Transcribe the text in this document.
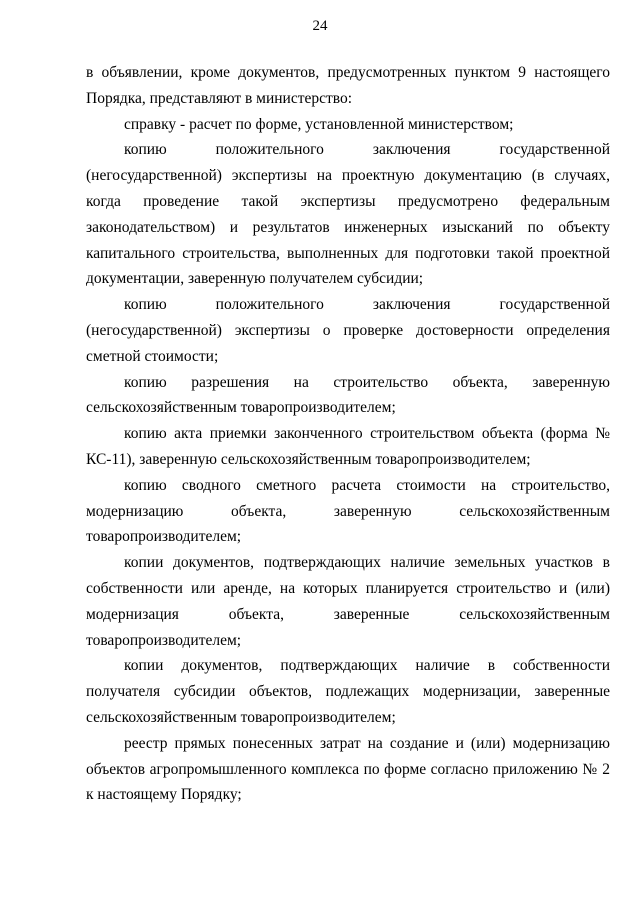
24

в объявлении, кроме документов, предусмотренных пунктом 9 настоящего Порядка, представляют в министерство:

справку - расчет по форме, установленной министерством;

копию положительного заключения государственной (негосударственной) экспертизы на проектную документацию (в случаях, когда проведение такой экспертизы предусмотрено федеральным законодательством) и результатов инженерных изысканий по объекту капитального строительства, выполненных для подготовки такой проектной документации, заверенную получателем субсидии;

копию положительного заключения государственной (негосударственной) экспертизы о проверке достоверности определения сметной стоимости;

копию разрешения на строительство объекта, заверенную сельскохозяйственным товаропроизводителем;

копию акта приемки законченного строительством объекта (форма № КС-11), заверенную сельскохозяйственным товаропроизводителем;

копию сводного сметного расчета стоимости на строительство, модернизацию объекта, заверенную сельскохозяйственным товаропроизводителем;

копии документов, подтверждающих наличие земельных участков в собственности или аренде, на которых планируется строительство и (или) модернизация объекта, заверенные сельскохозяйственным товаропроизводителем;

копии документов, подтверждающих наличие в собственности получателя субсидии объектов, подлежащих модернизации, заверенные сельскохозяйственным товаропроизводителем;

реестр прямых понесенных затрат на создание и (или) модернизацию объектов агропромышленного комплекса по форме согласно приложению № 2 к настоящему Порядку;
